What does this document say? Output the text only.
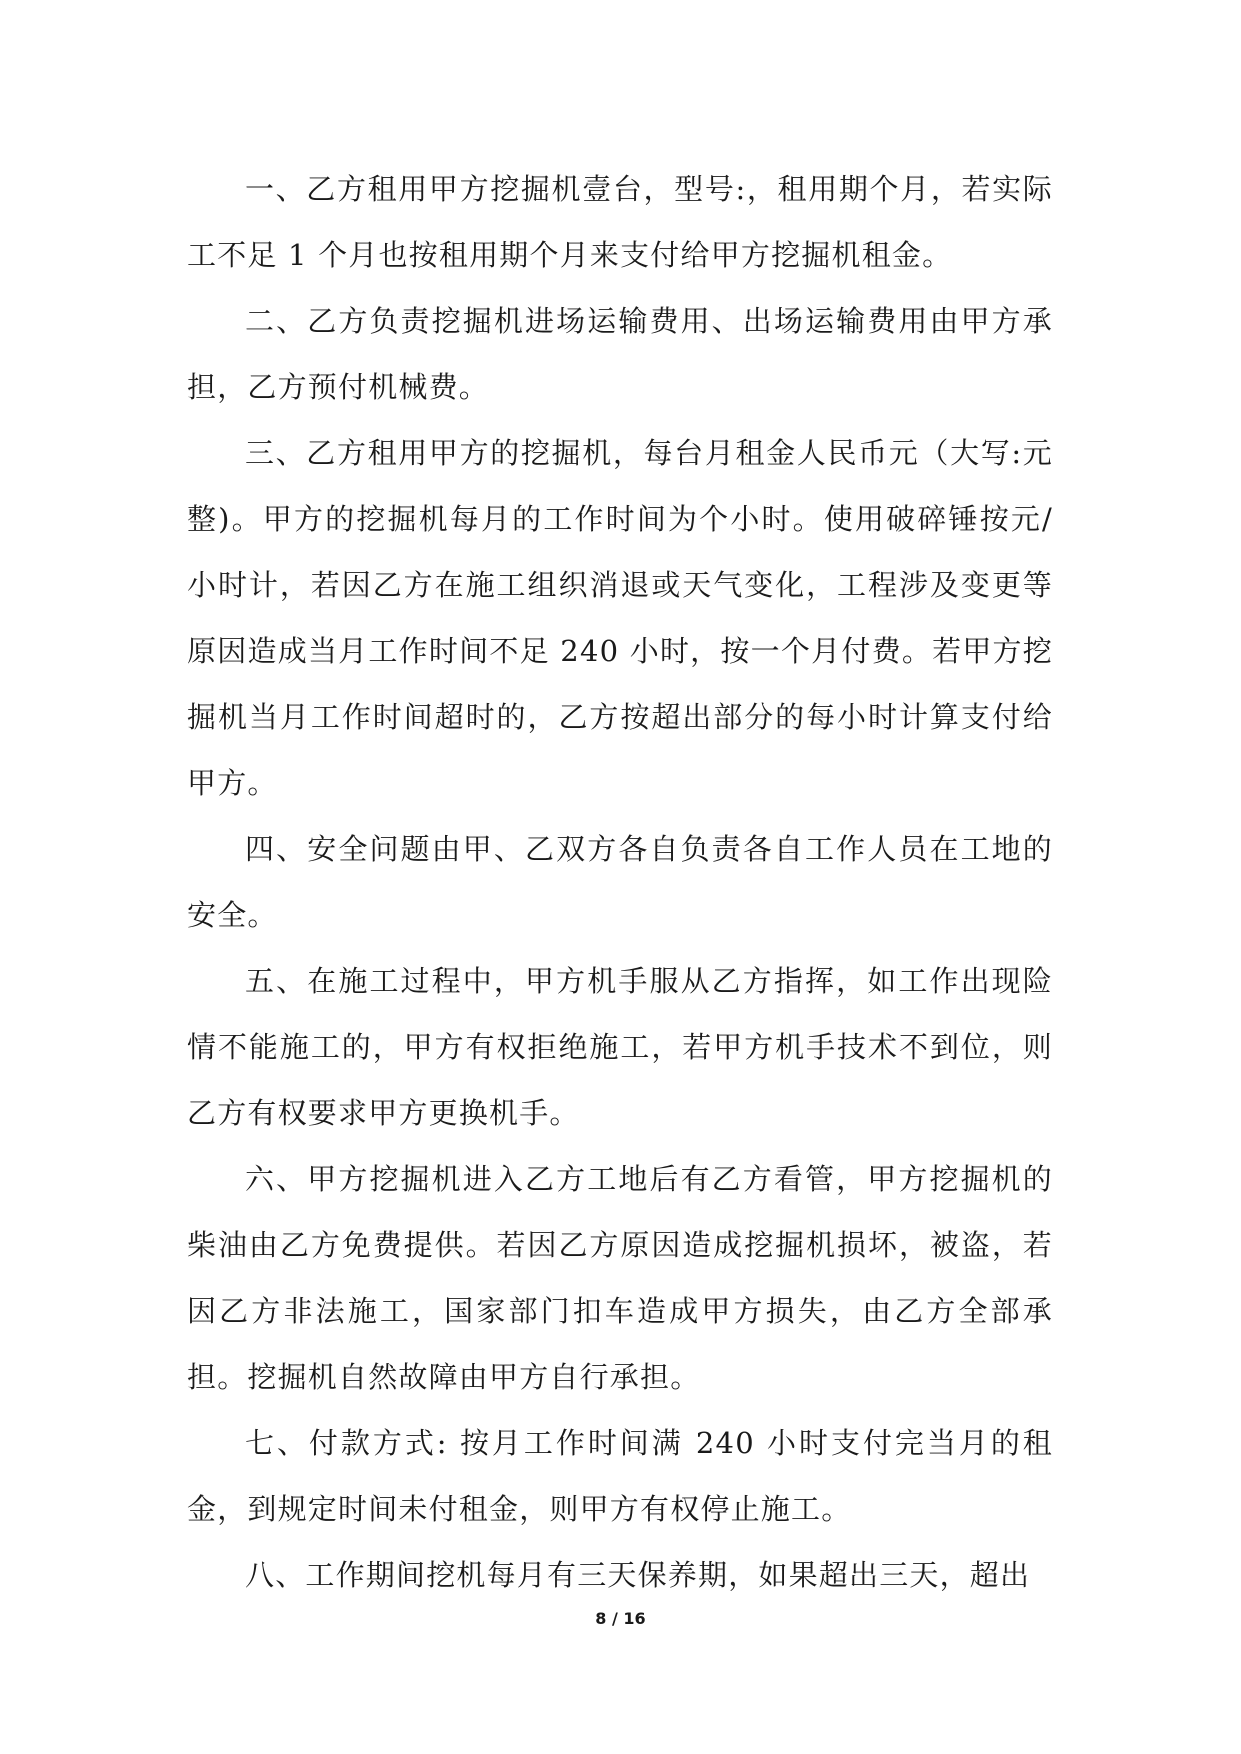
一、乙方租用甲方挖掘机壹台，型号:，租用期个月，若实际工不足 1 个月也按租用期个月来支付给甲方挖掘机租金。

二、乙方负责挖掘机进场运输费用、出场运输费用由甲方承担，乙方预付机械费。

三、乙方租用甲方的挖掘机，每台月租金人民币元（大写:元整)。甲方的挖掘机每月的工作时间为个小时。使用破碎锤按元/小时计，若因乙方在施工组织消退或天气变化，工程涉及变更等原因造成当月工作时间不足 240 小时，按一个月付费。若甲方挖掘机当月工作时间超时的，乙方按超出部分的每小时计算支付给甲方。

四、安全问题由甲、乙双方各自负责各自工作人员在工地的安全。

五、在施工过程中，甲方机手服从乙方指挥，如工作出现险情不能施工的，甲方有权拒绝施工，若甲方机手技术不到位，则乙方有权要求甲方更换机手。

六、甲方挖掘机进入乙方工地后有乙方看管，甲方挖掘机的柴油由乙方免费提供。若因乙方原因造成挖掘机损坏，被盗，若因乙方非法施工，国家部门扣车造成甲方损失，由乙方全部承担。挖掘机自然故障由甲方自行承担。

七、付款方式: 按月工作时间满 240 小时支付完当月的租金，到规定时间未付租金，则甲方有权停止施工。

八、工作期间挖机每月有三天保养期，如果超出三天，超出

8 / 16
